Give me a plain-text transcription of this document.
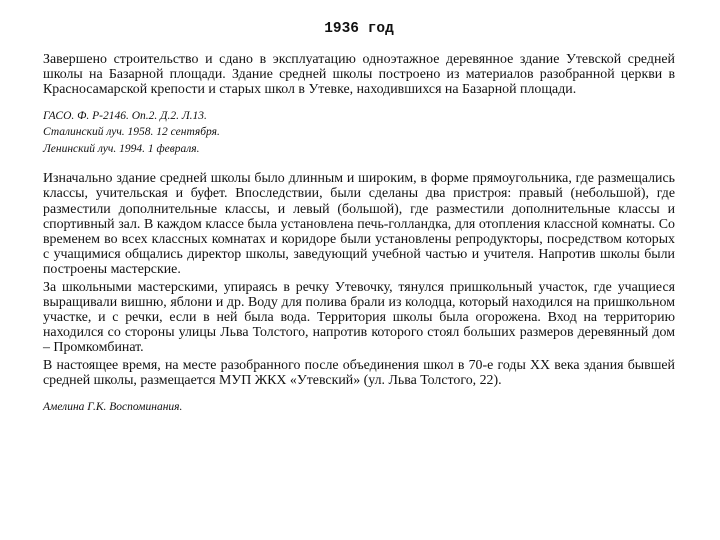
1936 год

Завершено строительство и сдано в эксплуатацию одноэтажное деревянное здание Утевской средней школы на Базарной площади. Здание средней школы построено из материалов разобранной церкви в Красносамарской крепости и старых школ в Утевке, находившихся на Базарной площади.

ГАСО. Ф. Р-2146. Оп.2. Д.2. Л.13.
Сталинский луч. 1958. 12 сентября.
Ленинский луч. 1994. 1 февраля.

Изначально здание средней школы было длинным и широким, в форме прямоугольника, где размещались классы, учительская и буфет. Впоследствии, были сделаны два пристроя: правый (небольшой), где разместили дополнительные классы, и левый (большой), где разместили дополнительные классы и спортивный зал. В каждом классе была установлена печь-голландка, для отопления классной комнаты. Со временем во всех классных комнатах и коридоре были установлены репродукторы, посредством которых с учащимися общались директор школы, заведующий учебной частью и учителя. Напротив школы были построены мастерские.

За школьными мастерскими, упираясь в речку Утевочку, тянулся пришкольный участок, где учащиеся выращивали вишню, яблони и др. Воду для полива брали из колодца, который находился на пришкольном участке, и с речки, если в ней была вода. Территория школы была огорожена. Вход на территорию находился со стороны улицы Льва Толстого, напротив которого стоял больших размеров деревянный дом – Промкомбинат.

В настоящее время, на месте разобранного после объединения школ в 70-е годы XX века здания бывшей средней школы, размещается МУП ЖКХ «Утевский» (ул. Льва Толстого, 22).

Амелина Г.К. Воспоминания.
